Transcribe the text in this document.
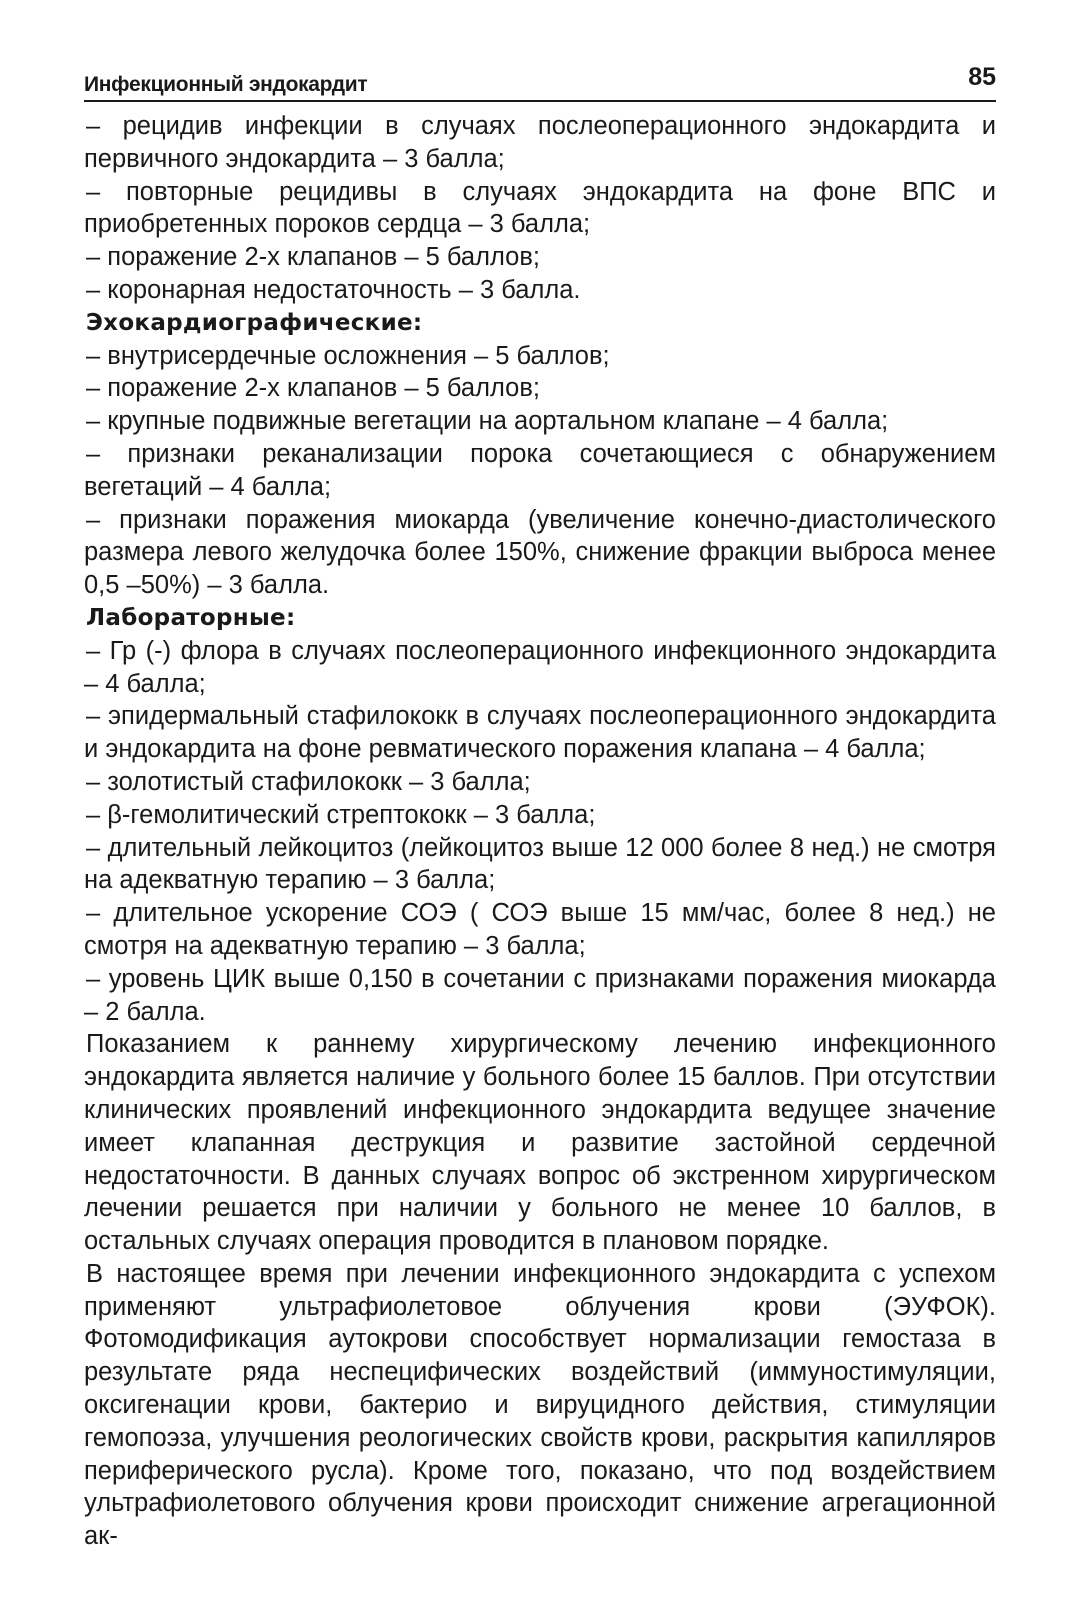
Инфекционный эндокардит	85

– рецидив инфекции в случаях послеоперационного эндокардита и первичного эндокардита – 3 балла;

– повторные рецидивы в случаях эндокардита на фоне ВПС и приобретенных пороков сердца – 3 балла;

– поражение 2-х клапанов – 5 баллов;

– коронарная недостаточность – 3 балла.

Эхокардиографические:

– внутрисердечные осложнения – 5 баллов;

– поражение 2-х клапанов – 5 баллов;

– крупные подвижные вегетации на аортальном клапане – 4 балла;

– признаки реканализации порока сочетающиеся с обнаружением вегетаций – 4 балла;

– признаки поражения миокарда (увеличение конечно-диастолического размера левого желудочка более 150%, снижение фракции выброса менее 0,5 –50%) – 3 балла.

Лабораторные:

– Гр (-) флора в случаях послеоперационного инфекционного эндокардита – 4 балла;

– эпидермальный стафилококк в случаях послеоперационного эндокардита и эндокардита на фоне ревматического поражения клапана – 4 балла;

– золотистый стафилококк – 3 балла;

– β-гемолитический стрептококк – 3 балла;

– длительный лейкоцитоз (лейкоцитоз выше 12 000 более 8 нед.) не смотря на адекватную терапию – 3 балла;

– длительное ускорение СОЭ ( СОЭ выше 15 мм/час, более 8 нед.) не смотря на адекватную терапию – 3 балла;

– уровень ЦИК выше 0,150 в сочетании с признаками поражения миокарда – 2 балла.

Показанием к раннему хирургическому лечению инфекционного эндокардита является наличие у больного более 15 баллов. При отсутствии клинических проявлений инфекционного эндокардита ведущее значение имеет клапанная деструкция и развитие застойной сердечной недостаточности. В данных случаях вопрос об экстренном хирургическом лечении решается при наличии у больного не менее 10 баллов, в остальных случаях операция проводится в плановом порядке.

В настоящее время при лечении инфекционного эндокардита с успехом применяют ультрафиолетовое облучения крови (ЭУФОК). Фотомодификация аутокрови способствует нормализации гемостаза в результате ряда неспецифических воздействий (иммуностимуляции, оксигенации крови, бактерио и вируцидного действия, стимуляции гемопоэза, улучшения реологических свойств крови, раскрытия капилляров периферического русла). Кроме того, показано, что под воздействием ультрафиолетового облучения крови происходит снижение агрегационной ак-
